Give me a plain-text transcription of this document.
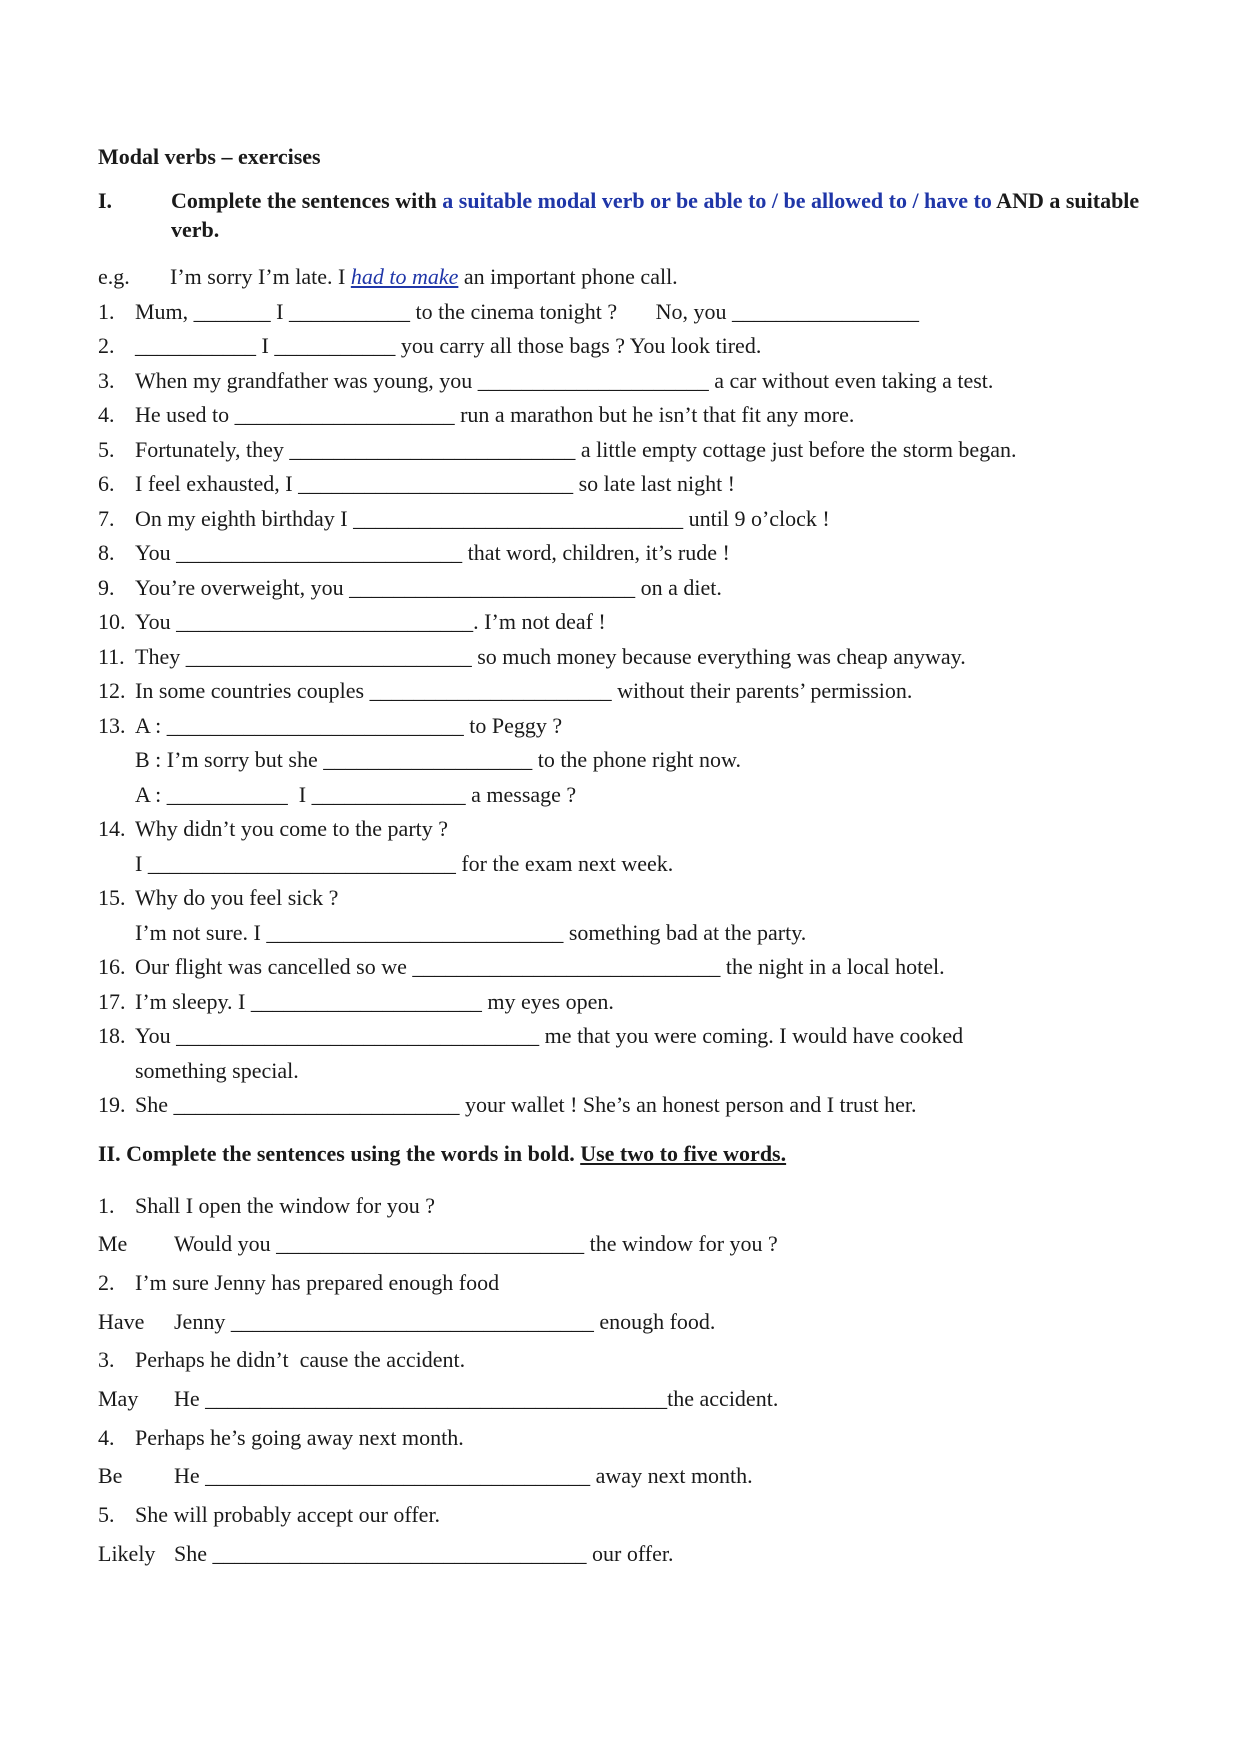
Modal verbs – exercises
I.	Complete the sentences with a suitable modal verb or be able to / be allowed to / have to AND a suitable verb.
e.g. I’m sorry I’m late. I had to make an important phone call.
1. Mum, _______ I ___________ to the cinema tonight ?       No, you _________________
2. ___________ I ___________ you carry all those bags ? You look tired.
3. When my grandfather was young, you _____________________ a car without even taking a test.
4. He used to ____________________ run a marathon but he isn’t that fit any more.
5. Fortunately, they __________________________ a little empty cottage just before the storm began.
6. I feel exhausted, I _________________________ so late last night !
7. On my eighth birthday I ______________________________ until 9 o’clock !
8. You __________________________ that word, children, it’s rude !
9. You’re overweight, you __________________________ on a diet.
10. You ___________________________. I’m not deaf !
11. They __________________________ so much money because everything was cheap anyway.
12. In some countries couples ______________________ without their parents’ permission.
13. A : ___________________________ to Peggy ?
B : I’m sorry but she ___________________ to the phone right now.
A : ___________  I ______________ a message ?
14. Why didn’t you come to the party ?
I ____________________________ for the exam next week.
15. Why do you feel sick ?
I’m not sure. I ___________________________ something bad at the party.
16. Our flight was cancelled so we ____________________________ the night in a local hotel.
17. I’m sleepy. I _____________________ my eyes open.
18. You _________________________________ me that you were coming. I would have cooked
something special.
19. She __________________________ your wallet ! She’s an honest person and I trust her.
II. Complete the sentences using the words in bold. Use two to five words.
1. Shall I open the window for you ?
Me Would you ____________________________ the window for you ?
2. I’m sure Jenny has prepared enough food
Have Jenny _________________________________ enough food.
3. Perhaps he didn’t  cause the accident.
May He __________________________________________the accident.
4. Perhaps he’s going away next month.
Be He ___________________________________ away next month.
5. She will probably accept our offer.
Likely She __________________________________ our offer.
